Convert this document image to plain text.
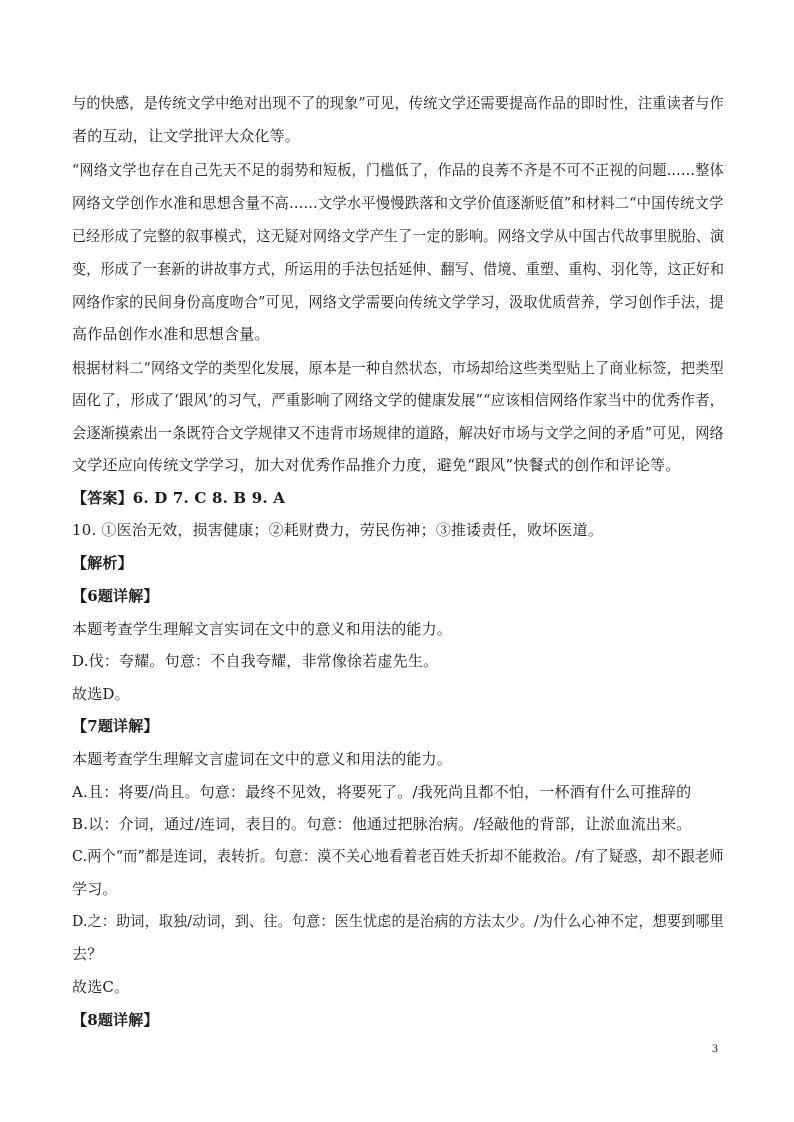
与的快感，是传统文学中绝对出现不了的现象”可见，传统文学还需要提高作品的即时性，注重读者与作
者的互动，让文学批评大众化等。
“网络文学也存在自己先天不足的弱势和短板，门槛低了，作品的良莠不齐是不可不正视的问题……整体
网络文学创作水准和思想含量不高……文学水平慢慢跌落和文学价值逐渐贬值”和材料二“中国传统文学
已经形成了完整的叙事模式，这无疑对网络文学产生了一定的影响。网络文学从中国古代故事里脱胎、演
变，形成了一套新的讲故事方式，所运用的手法包括延伸、翻写、借境、重塑、重构、羽化等，这正好和
网络作家的民间身份高度吻合”可见，网络文学需要向传统文学学习，汲取优质营养，学习创作手法，提
高作品创作水准和思想含量。
根据材料二“网络文学的类型化发展，原本是一种自然状态，市场却给这些类型贴上了商业标签，把类型
固化了，形成了‘跟风’的习气，严重影响了网络文学的健康发展”“应该相信网络作家当中的优秀作者，
会逐渐摸索出一条既符合文学规律又不违背市场规律的道路，解决好市场与文学之间的矛盾”可见，网络
文学还应向传统文学学习，加大对优秀作品推介力度，避免“跟风”快餐式的创作和评论等。
【答案】6. D 7. C 8. B 9. A
10. ①医治无效，损害健康；②耗财费力，劳民伤神；③推诿责任，败坏医道。
【解析】
【6题详解】
本题考查学生理解文言实词在文中的意义和用法的能力。
D.伐：夸耀。句意：不自我夸耀，非常像徐若虚先生。
故选D。
【7题详解】
本题考查学生理解文言虚词在文中的意义和用法的能力。
A.且：将要/尚且。句意：最终不见效，将要死了。/我死尚且都不怕，一杯酒有什么可推辞的
B.以：介词，通过/连词，表目的。句意：他通过把脉治病。/轻敲他的背部，让淤血流出来。
C.两个“而”都是连词，表转折。句意：漠不关心地看着老百姓夭折却不能救治。/有了疑惑，却不跟老师
学习。
D.之：助词，取独/动词，到、往。句意：医生忧虑的是治病的方法太少。/为什么心神不定，想要到哪里
去？
故选C。
【8题详解】
3
